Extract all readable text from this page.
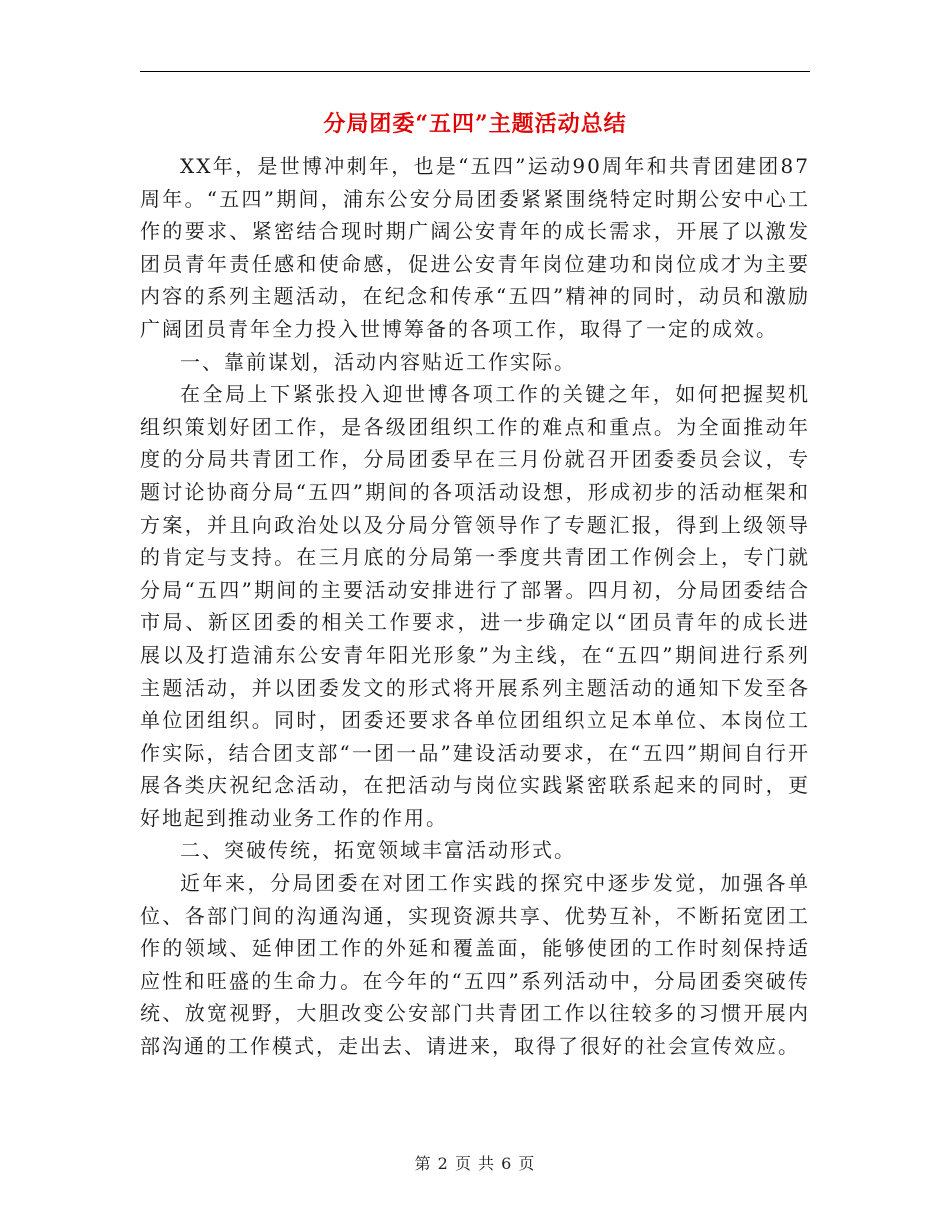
分局团委“五四”主题活动总结

XX年，是世博冲刺年，也是“五四”运动90周年和共青团建团87周年。“五四”期间，浦东公安分局团委紧紧围绕特定时期公安中心工作的要求、紧密结合现时期广阔公安青年的成长需求，开展了以激发团员青年责任感和使命感，促进公安青年岗位建功和岗位成才为主要内容的系列主题活动，在纪念和传承“五四”精神的同时，动员和激励广阔团员青年全力投入世博筹备的各项工作，取得了一定的成效。

一、靠前谋划，活动内容贴近工作实际。

在全局上下紧张投入迎世博各项工作的关键之年，如何把握契机组织策划好团工作，是各级团组织工作的难点和重点。为全面推动年度的分局共青团工作，分局团委早在三月份就召开团委委员会议，专题讨论协商分局“五四”期间的各项活动设想，形成初步的活动框架和方案，并且向政治处以及分局分管领导作了专题汇报，得到上级领导的肯定与支持。在三月底的分局第一季度共青团工作例会上，专门就分局“五四”期间的主要活动安排进行了部署。四月初，分局团委结合市局、新区团委的相关工作要求，进一步确定以“团员青年的成长进展以及打造浦东公安青年阳光形象”为主线，在“五四”期间进行系列主题活动，并以团委发文的形式将开展系列主题活动的通知下发至各单位团组织。同时，团委还要求各单位团组织立足本单位、本岗位工作实际，结合团支部“一团一品”建设活动要求，在“五四”期间自行开展各类庆祝纪念活动，在把活动与岗位实践紧密联系起来的同时，更好地起到推动业务工作的作用。

二、突破传统，拓宽领域丰富活动形式。

近年来，分局团委在对团工作实践的探究中逐步发觉，加强各单位、各部门间的沟通沟通，实现资源共享、优势互补，不断拓宽团工作的领域、延伸团工作的外延和覆盖面，能够使团的工作时刻保持适应性和旺盛的生命力。在今年的“五四”系列活动中，分局团委突破传统、放宽视野，大胆改变公安部门共青团工作以往较多的习惯开展内部沟通的工作模式，走出去、请进来，取得了很好的社会宣传效应。

第 2 页 共 6 页
